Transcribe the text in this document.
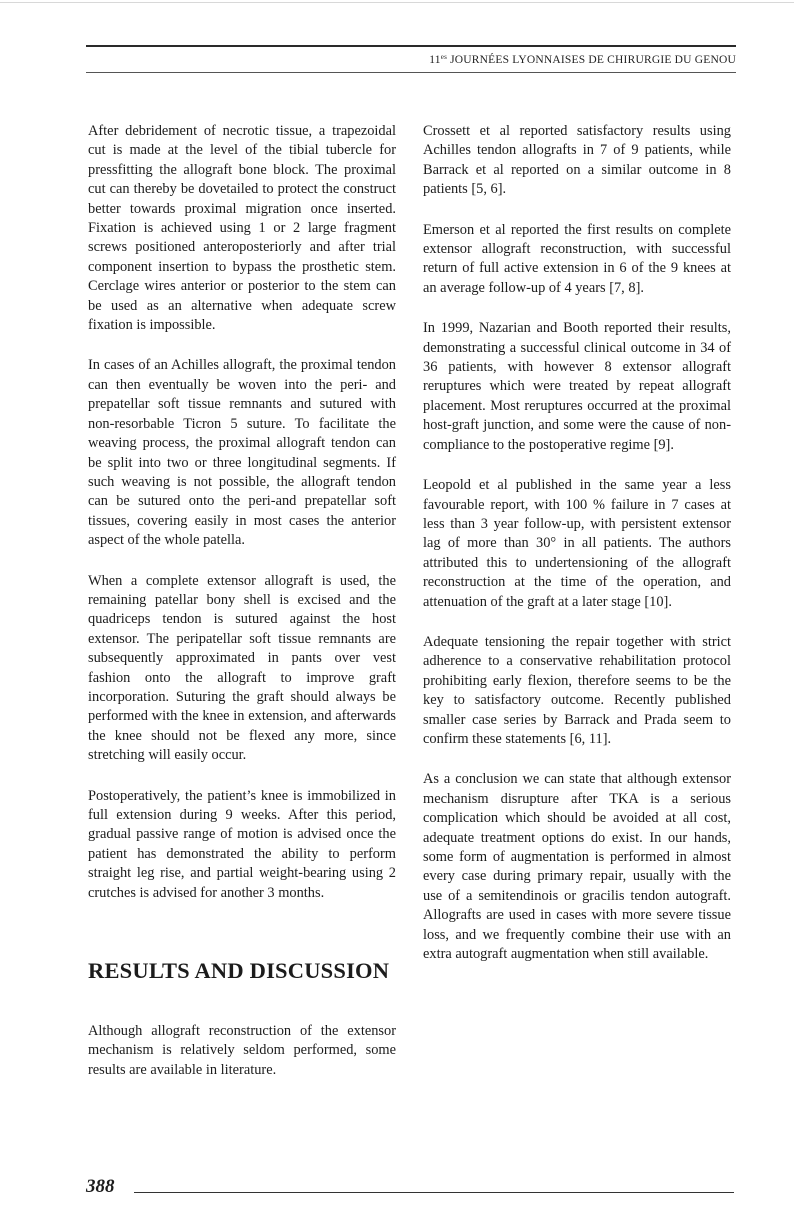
$11^{es}$ JOURNÉES LYONNAISES DE CHIRURGIE DU GENOU

After debridement of necrotic tissue, a trapezoidal cut is made at the level of the tibial tubercle for pressfitting the allograft bone block. The proximal cut can thereby be dovetailed to protect the construct better towards proximal migration once inserted. Fixation is achieved using 1 or 2 large fragment screws positioned anteroposteriorly and after trial component insertion to bypass the prosthetic stem. Cerclage wires anterior or posterior to the stem can be used as an alternative when adequate screw fixation is impossible.

In cases of an Achilles allograft, the proximal tendon can then eventually be woven into the peri- and prepatellar soft tissue remnants and sutured with non-resorbable Ticron 5 suture. To facilitate the weaving process, the proximal allograft tendon can be split into two or three longitudinal segments. If such weaving is not possible, the allograft tendon can be sutured onto the peri-and prepatellar soft tissues, covering easily in most cases the anterior aspect of the whole patella.

When a complete extensor allograft is used, the remaining patellar bony shell is excised and the quadriceps tendon is sutured against the host extensor. The peripatellar soft tissue remnants are subsequently approximated in pants over vest fashion onto the allograft to improve graft incorporation. Suturing the graft should always be performed with the knee in extension, and afterwards the knee should not be flexed any more, since stretching will easily occur.

Postoperatively, the patient’s knee is immobilized in full extension during 9 weeks. After this period, gradual passive range of motion is advised once the patient has demonstrated the ability to perform straight leg rise, and partial weight-bearing using 2 crutches is advised for another 3 months.

RESULTS AND DISCUSSION

Although allograft reconstruction of the extensor mechanism is relatively seldom performed, some results are available in literature.

Crossett et al reported satisfactory results using Achilles tendon allografts in 7 of 9 patients, while Barrack et al reported on a similar outcome in 8 patients [5, 6].

Emerson et al reported the first results on complete extensor allograft reconstruction, with successful return of full active extension in 6 of the 9 knees at an average follow-up of 4 years [7, 8].

In 1999, Nazarian and Booth reported their results, demonstrating a successful clinical outcome in 34 of 36 patients, with however 8 extensor allograft reruptures which were treated by repeat allograft placement. Most reruptures occurred at the proximal host-graft junction, and some were the cause of non-compliance to the postoperative regime [9].

Leopold et al published in the same year a less favourable report, with 100 % failure in 7 cases at less than 3 year follow-up, with persistent extensor lag of more than 30° in all patients. The authors attributed this to undertensioning of the allograft reconstruction at the time of the operation, and attenuation of the graft at a later stage [10].

Adequate tensioning the repair together with strict adherence to a conservative rehabilitation protocol prohibiting early flexion, therefore seems to be the key to satisfactory outcome. Recently published smaller case series by Barrack and Prada seem to confirm these statements [6, 11].

As a conclusion we can state that although extensor mechanism disrupture after TKA is a serious complication which should be avoided at all cost, adequate treatment options do exist. In our hands, some form of augmentation is performed in almost every case during primary repair, usually with the use of a semitendinois or gracilis tendon autograft. Allografts are used in cases with more severe tissue loss, and we frequently combine their use with an extra autograft augmentation when still available.

388
